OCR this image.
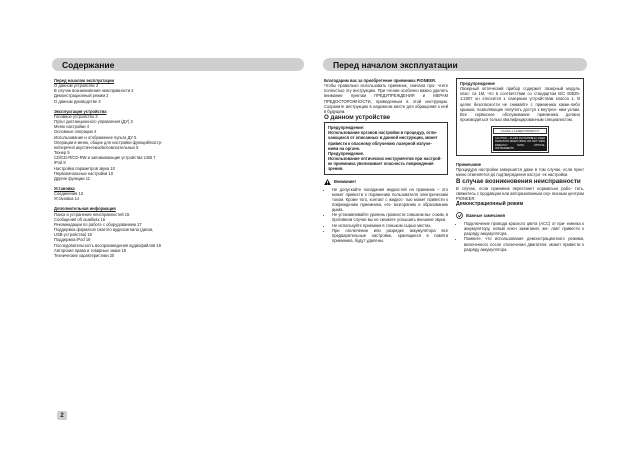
Содержание	Перед началом эксплуатации

Перед началом эксплуатации

О данном устройстве 2

В случае возникновения неисправности 2

Демонстрационный режим 2

О данном руководстве 3

Эксплуатация устройства

Головное устройство 3

Пульт дистанционного управления (ДУ) 3

Меню настройки 4

Основные операции 4

Использование и отображение пульта ДУ 5

Операции в меню, общие для настройки функций/настр-

ек/перечня акустических/вспомогательных 5

Тюнер 5

CD/CD-R/CD-RW и запоминающие устройства USB 7

iPod 8

Настройка параметров звука 10

Первоначальные настройки 10

Другие функции 11

Установка

Соединения 13

Установка 14

Дополнительная информация

Поиск и устранение неисправностей 15

Сообщения об ошибках 16

Рекомендации по работе с оборудованием 17

Поддержка форматов сжатого аудиосигнала (диски,

USB-устройства) 18

Поддержка iPod 18

Последовательность воспроизведения аудиофайлов 19

Авторские права и товарные знаки 19

Технические характеристики 20

Благодарим вас за приобретение приемника PIONEER.

Чтобы правильно использовать приемник, сначала про- чтите полностью эту инструкцию. При чтении особенно важно уделить внимание пунктам ПРЕДУПРЕЖДЕНИЯ и МЕРАМ ПРЕДОСТОРОЖНОСТИ, приведенным в этой инструкции. Сохраните инструкцию в надежном месте для обращения к ней в будущем.

О данном устройстве

Предупреждение:

Использование органов настройки в процедур, отли-

чающихся от описанных в данной инструкции, может

привести к опасному облучению лазерной излуче-

нием на органе.

Предупреждение.

Использование оптических инструментов при настрой-

ке приемника увеличивает опасность повреждения

зрения.

Внимание!
• Не допускайте попадания жидкостей на приемник – это может привести к поражению пользователя электрическим током. Кроме того, контакт с жидкос- тью может привести к повреждению приемника, его- возгоранию и образованию дыма.
• Не устанавливайте уровень громкости слишком вы- соким, в противном случае вы не сможете услышать внешние звуки.
• Не используйте приемник в слишком сырых местах.
• При отключении или разрядке аккумулятора все предварительные настройки, хранящиеся в памяти приемника, будут удалены.

Предупреждение

Лазерный оптический прибор содержит лазерный модуль клас- са 1М, что в соответствии со стандартом IEC 60825-1:2007 он относится к лазерным устройствам класса 1. В целях безопасности не снимайте с приемника какие-либо крышки, позволяющие получить доступ к внутрен- ним узлам. Все сервисное обслуживание приемника должно производиться только квалифицированным специалистом.

CLASS 1 LASER PRODUCT
CAUTION – CLASS 1M INVISIBLE LASER RADIATION WHEN OPEN, DO NOT VIEW DIRECTLY WITH OPTICAL INSTRUMENTS

Примечание

Процедура настройки завершится даже в том случае, если пункт меню отменяется до подтверждения настро- ек настройки.

В случае возникновения неисправности

В случае, если приемник перестанет нормально рабо- тать, свяжитесь с продавцом или авторизованным сер- висным центром PIONEER.

Демонстрационный режим

Важные замечания
• Подключение провода красного цвета (ACC) от при- емника к аккумулятору, новый ключ зажигания, же- лает привести к разряду аккумулятора.
• Помните, что использование демонстрационного режима, включенного после отключения двигателя, может привести к разряду аккумулятора.
2
